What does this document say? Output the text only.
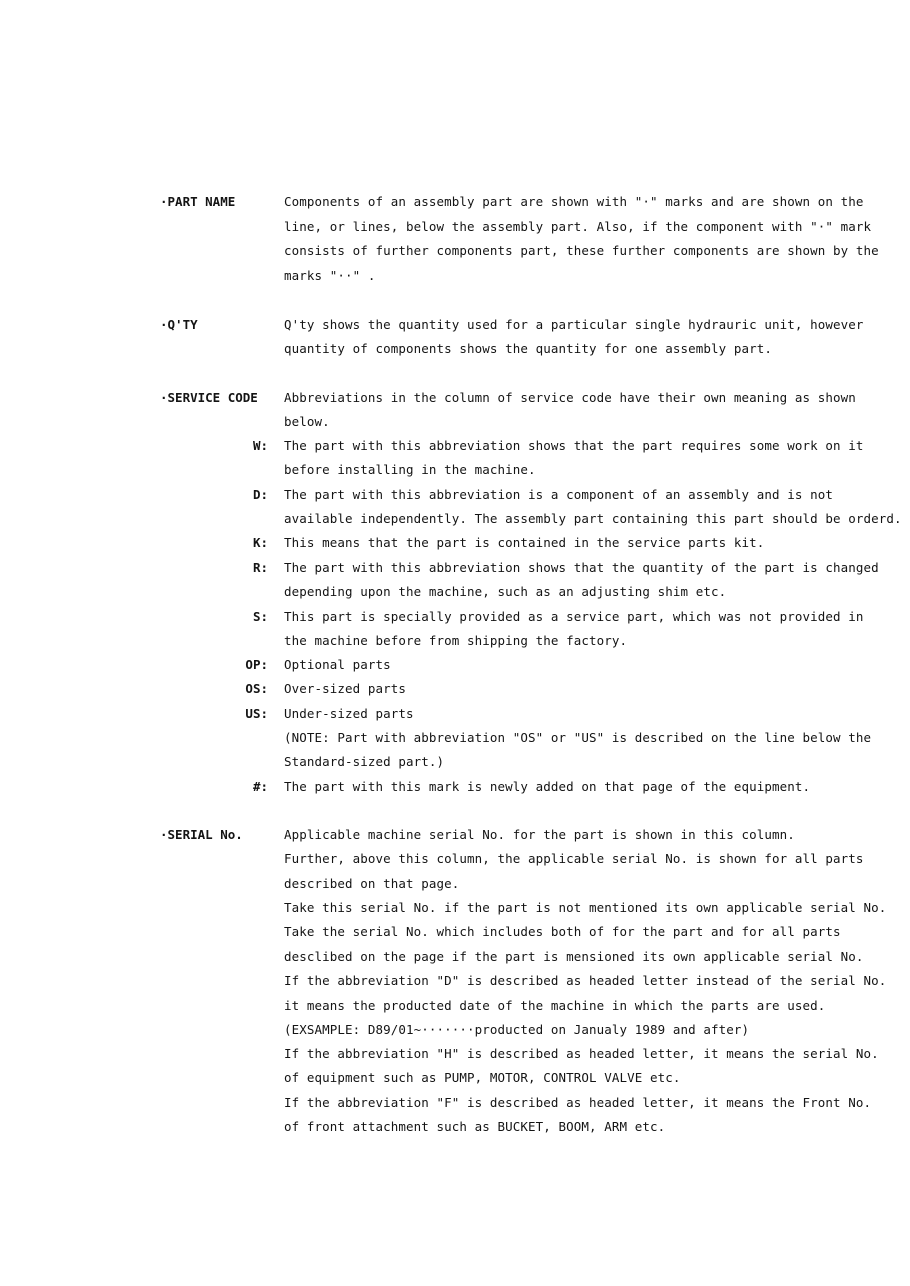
·PART NAME	Components of an assembly part are shown with "·" marks and are shown on the
line, or lines, below the assembly part. Also, if the component with "·" mark
consists of further components part, these further components are shown by the
marks "··" .
·Q'TY	Q'ty shows the quantity used for a particular single hydrauric unit, however
quantity of components shows the quantity for one assembly part.
·SERVICE CODE Abbreviations in the column of service code have their own meaning as shown
below.
W: The part with this abbreviation shows that the part requires some work on it
before installing in the machine.
D: The part with this abbreviation is a component of an assembly and is not
available independently. The assembly part containing this part should be orderd.
K: This means that the part is contained in the service parts kit.
R: The part with this abbreviation shows that the quantity of the part is changed
depending upon the machine, such as an adjusting shim etc.
S: This part is specially provided as a service part, which was not provided in
the machine before from shipping the factory.
OP: Optional parts
OS: Over-sized parts
US: Under-sized parts
(NOTE: Part with abbreviation "OS" or "US" is described on the line below the
Standard-sized part.)
#: The part with this mark is newly added on that page of the equipment.
·SERIAL No.	Applicable machine serial No. for the part is shown in this column.
Further, above this column, the applicable serial No. is shown for all parts
described on that page.
Take this serial No. if the part is not mentioned its own applicable serial No.
Take the serial No. which includes both of for the part and for all parts
desclibed on the page if the part is mensioned its own applicable serial No.
If the abbreviation "D" is described as headed letter instead of the serial No.
it means the producted date of the machine in which the parts are used.
(EXSAMPLE: D89/01~·······producted on Janualy 1989 and after)
If the abbreviation "H" is described as headed letter, it means the serial No.
of equipment such as PUMP, MOTOR, CONTROL VALVE etc.
If the abbreviation "F" is described as headed letter, it means the Front No.
of front attachment such as BUCKET, BOOM, ARM etc.
